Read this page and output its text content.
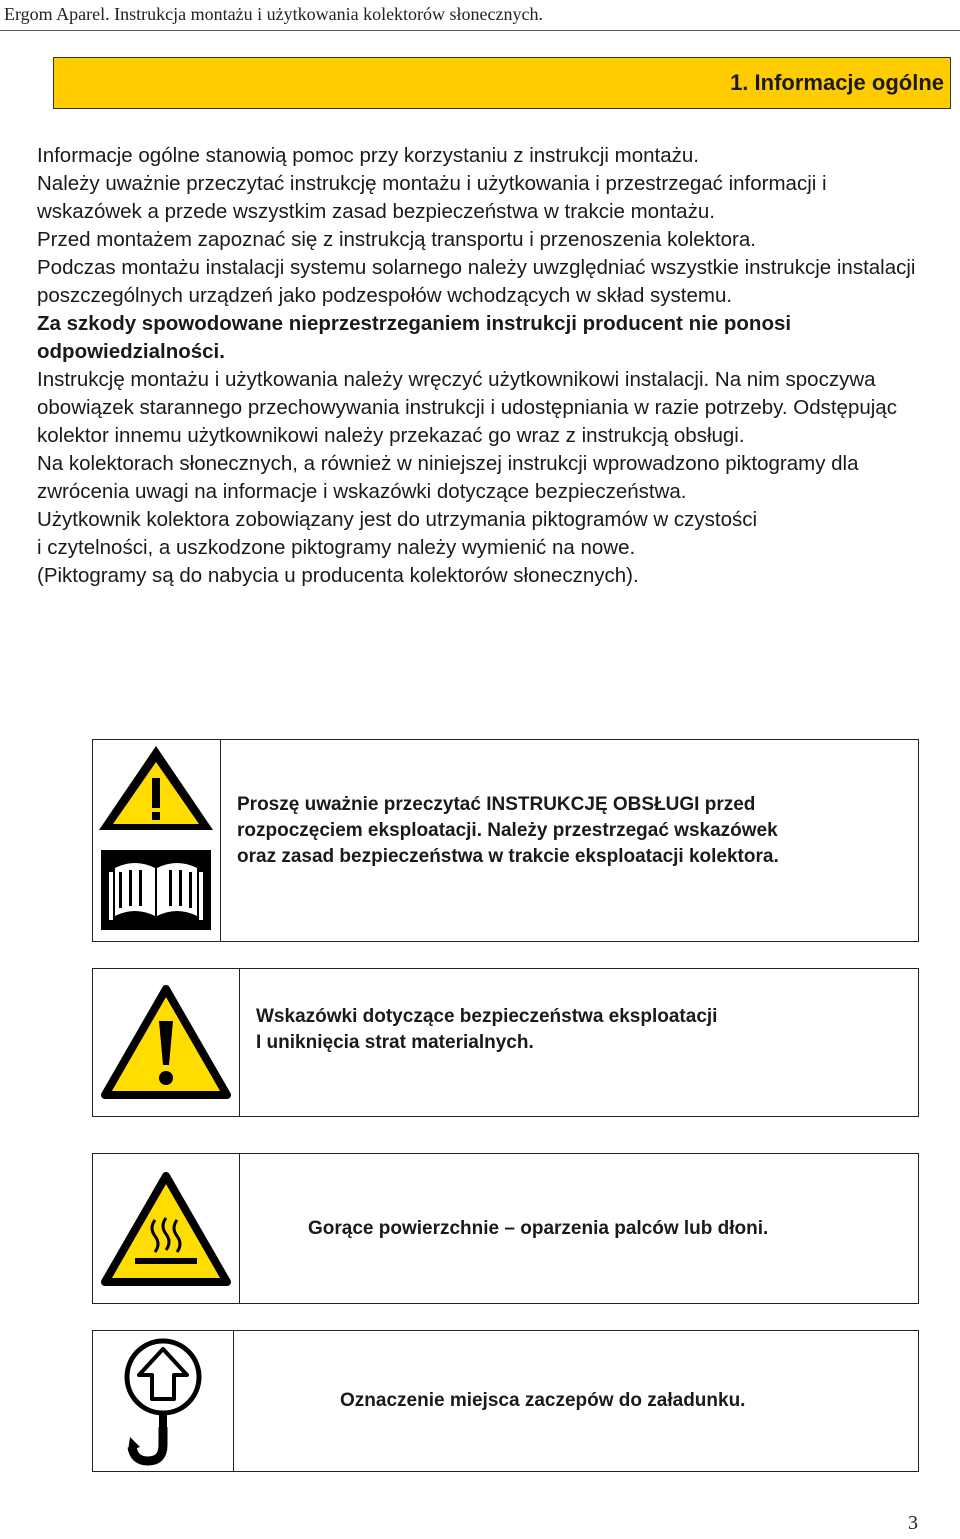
Ergom Aparel. Instrukcja montażu i użytkowania kolektorów słonecznych.
1. Informacje ogólne

Informacje ogólne stanowią pomoc przy korzystaniu z instrukcji montażu.

Należy uważnie przeczytać instrukcję montażu i użytkowania i przestrzegać informacji i wskazówek a przede wszystkim zasad bezpieczeństwa w trakcie montażu.

Przed montażem zapoznać się z instrukcją transportu i przenoszenia kolektora.

Podczas montażu instalacji systemu solarnego należy uwzględniać wszystkie instrukcje instalacji poszczególnych urządzeń jako podzespołów wchodzących w skład systemu.

Za szkody spowodowane nieprzestrzeganiem instrukcji producent nie ponosi odpowiedzialności.

Instrukcję montażu i użytkowania należy wręczyć użytkownikowi instalacji. Na nim spoczywa obowiązek starannego przechowywania instrukcji i udostępniania w razie potrzeby. Odstępując kolektor innemu użytkownikowi należy przekazać go wraz z instrukcją obsługi.

Na kolektorach słonecznych, a również w niniejszej instrukcji wprowadzono piktogramy dla zwrócenia uwagi na informacje i wskazówki dotyczące bezpieczeństwa.

Użytkownik kolektora zobowiązany jest do utrzymania piktogramów w czystości

i czytelności, a uszkodzone piktogramy należy wymienić na nowe.

(Piktogramy są do nabycia u producenta kolektorów słonecznych).

Proszę uważnie przeczytać INSTRUKCJĘ OBSŁUGI przed
rozpoczęciem eksploatacji. Należy przestrzegać wskazówek
oraz zasad bezpieczeństwa w trakcie eksploatacji kolektora.
Wskazówki dotyczące bezpieczeństwa eksploatacji
I uniknięcia strat materialnych.
Gorące powierzchnie – oparzenia palców lub dłoni.
Oznaczenie miejsca zaczepów do załadunku.
3
